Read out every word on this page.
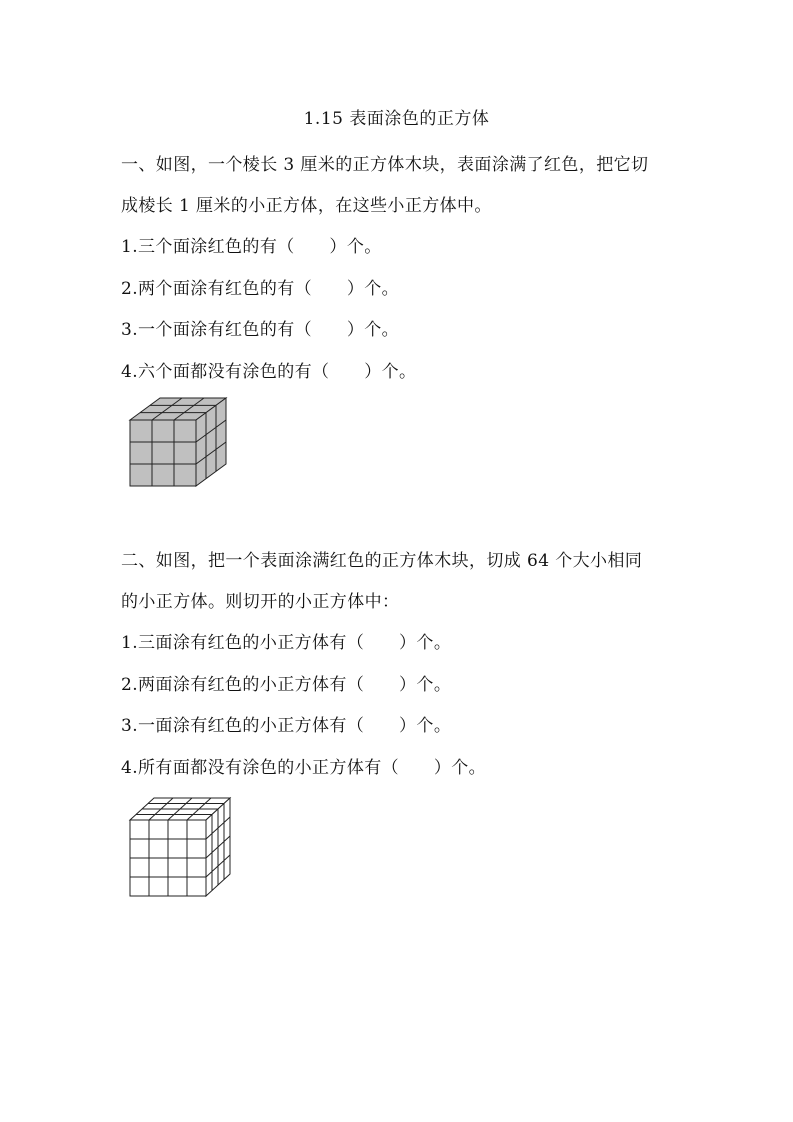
1.15 表面涂色的正方体
一、如图，一个棱长 3 厘米的正方体木块，表面涂满了红色，把它切
成棱长 1 厘米的小正方体，在这些小正方体中。
1.三个面涂红色的有（　　）个。
2.两个面涂有红色的有（　　）个。
3.一个面涂有红色的有（　　）个。
4.六个面都没有涂色的有（　　）个。
二、如图，把一个表面涂满红色的正方体木块，切成 64 个大小相同
的小正方体。则切开的小正方体中：
1.三面涂有红色的小正方体有（　　）个。
2.两面涂有红色的小正方体有（　　）个。
3.一面涂有红色的小正方体有（　　）个。
4.所有面都没有涂色的小正方体有（　　）个。
